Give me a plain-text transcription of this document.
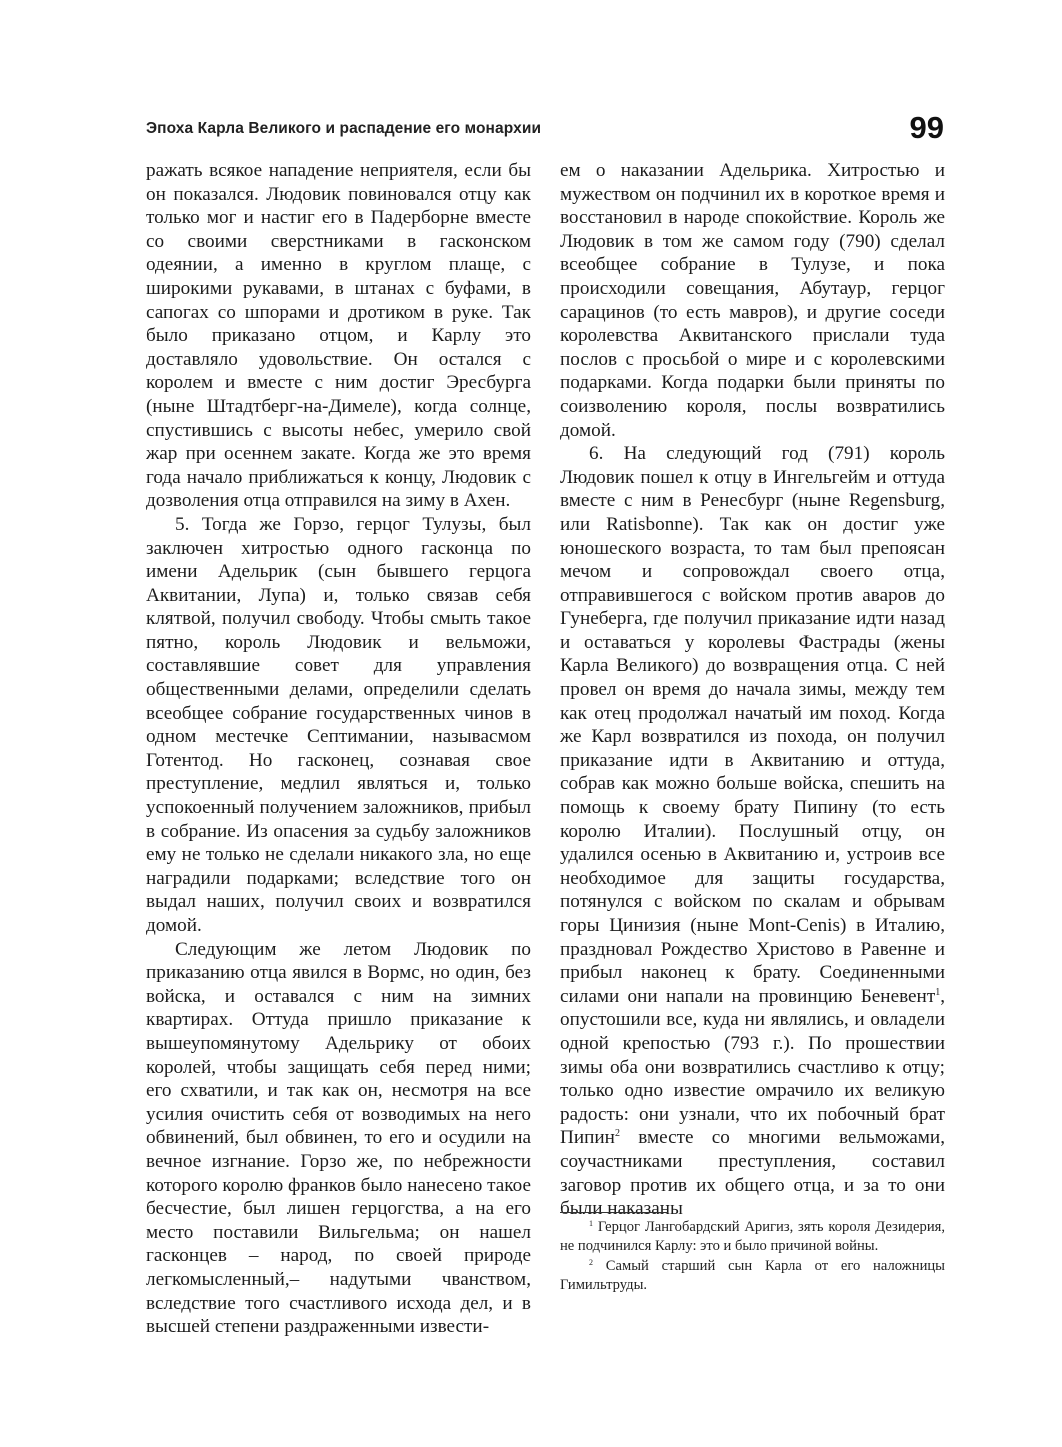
Эпоха Карла Великого и распадение его монархии	99

ражать всякое нападение неприятеля, если бы он показался. Людовик повиновался отцу как только мог и настиг его в Падерборне вместе со своими сверстниками в гасконском одеянии, а именно в круглом плаще, с широкими рукавами, в штанах с буфами, в сапогах со шпорами и дротиком в руке. Так было приказано отцом, и Карлу это доставляло удовольствие. Он остался с королем и вместе с ним достиг Эресбурга (ныне Штадтберг-на-Димеле), когда солнце, спустившись с высоты небес, умерило свой жар при осеннем закате. Когда же это время года начало приближаться к концу, Людовик с дозволения отца отправился на зиму в Ахен.

5. Тогда же Горзо, герцог Тулузы, был заключен хитростью одного гасконца по имени Адельрик (сын бывшего герцога Аквитании, Лупа) и, только связав себя клятвой, получил свободу. Чтобы смыть такое пятно, король Людовик и вельможи, составлявшие совет для управления общественными делами, определили сделать всеобщее собрание государственных чинов в одном местечке Септимании, называсмом Готентод. Но гасконец, сознавая свое преступление, медлил являться и, только успокоенный получением заложников, прибыл в собрание. Из опасения за судьбу заложников ему не только не сделали никакого зла, но еще наградили подарками; вследствие того он выдал наших, получил своих и возвратился домой.

Следующим же летом Людовик по приказанию отца явился в Вормс, но один, без войска, и оставался с ним на зимних квартирах. Оттуда пришло приказание к вышеупомянутому Адельрику от обоих королей, чтобы защищать себя перед ними; его схватили, и так как он, несмотря на все усилия очистить себя от возводимых на него обвинений, был обвинен, то его и осудили на вечное изгнание. Горзо же, по небрежности которого королю франков было нанесено такое бесчестие, был лишен герцогства, а на его место поставили Вильгельма; он нашел гасконцев – народ, по своей природе легкомысленный,– надутыми чванством, вследствие того счастливого исхода дел, и в высшей степени раздраженными извести-

ем о наказании Адельрика. Хитростью и мужеством он подчинил их в короткое время и восстановил в народе спокойствие. Король же Людовик в том же самом году (790) сделал всеобщее собрание в Тулузе, и пока происходили совещания, Абутаур, герцог сарацинов (то есть мавров), и другие соседи королевства Аквитанского прислали туда послов с просьбой о мире и с королевскими подарками. Когда подарки были приняты по соизволению короля, послы возвратились домой.

6. На следующий год (791) король Людовик пошел к отцу в Ингельгейм и оттуда вместе с ним в Ренесбург (ныне Regensburg, или Ratisbonne). Так как он достиг уже юношеского возраста, то там был препоясан мечом и сопровождал своего отца, отправившегося с войском против аваров до Гунеберга, где получил приказание идти назад и оставаться у королевы Фастрады (жены Карла Великого) до возвращения отца. С ней провел он время до начала зимы, между тем как отец продолжал начатый им поход. Когда же Карл возвратился из похода, он получил приказание идти в Аквитанию и оттуда, собрав как можно больше войска, спешить на помощь к своему брату Пипину (то есть королю Италии). Послушный отцу, он удалился осенью в Аквитанию и, устроив все необходимое для защиты государства, потянулся с войском по скалам и обрывам горы Цинизия (ныне Mont-Cenis) в Италию, праздновал Рождество Христово в Равенне и прибыл наконец к брату. Соединенными силами они напали на провинцию Беневент$^1$, опустошили все, куда ни являлись, и овладели одной крепостью (793 г.). По прошествии зимы оба они возвратились счастливо к отцу; только одно известие омрачило их великую радость: они узнали, что их побочный брат Пипин$^2$ вместе со многими вельможами, соучастниками преступления, составил заговор против их общего отца, и за то они были наказаны

$^1$ Герцог Лангобардский Аригиз, зять короля Дезидерия, не подчинился Карлу: это и было причиной войны.

$^2$ Самый старший сын Карла от его наложницы Гимильтруды.
